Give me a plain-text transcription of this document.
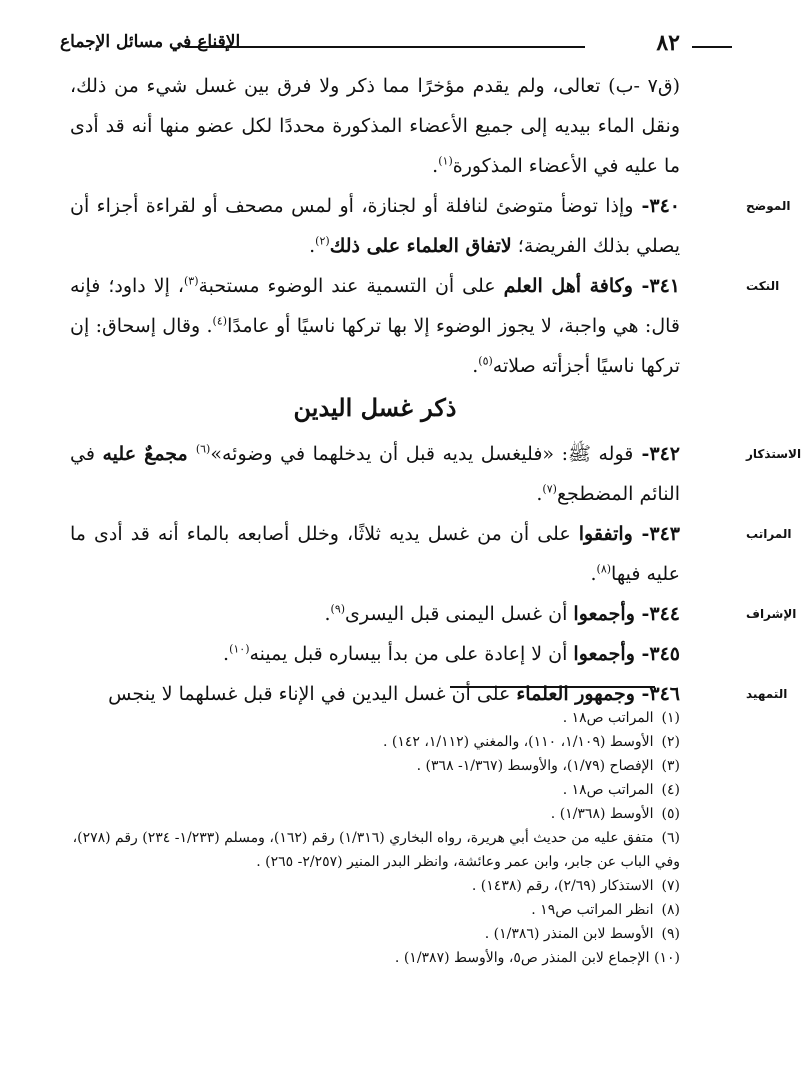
٨٢
الإقناع في مسائل الإجماع

(ق٧ -ب) تعالى، ولم يقدم مؤخرًا مما ذكر ولا فرق بين غسل شيء من ذلك، ونقل الماء بيديه إلى جميع الأعضاء المذكورة محددًا لكل عضو منها أنه قد أدى ما عليه في الأعضاء المذكورة$^{(١)}$.

الموضح
٣٤٠- وإذا توضأ متوضئ لنافلة أو لجنازة، أو لمس مصحف أو لقراءة أجزاء أن يصلي بذلك الفريضة؛ لاتفاق العلماء على ذلك$^{(٢)}$.

النكت
٣٤١- وكافة أهل العلم على أن التسمية عند الوضوء مستحبة$^{(٣)}$، إلا داود؛ فإنه قال: هي واجبة، لا يجوز الوضوء إلا بها تركها ناسيًا أو عامدًا$^{(٤)}$. وقال إسحاق: إن تركها ناسيًا أجزأته صلاته$^{(٥)}$.

ذكر غسل اليدين

الاستذكار
٣٤٢- قوله ﷺ: «فليغسل يديه قبل أن يدخلهما في وضوئه»$^{(٦)}$ مجمعٌ عليه في النائم المضطجع$^{(٧)}$.

المراتب
٣٤٣- واتفقوا على أن من غسل يديه ثلاثًا، وخلل أصابعه بالماء أنه قد أدى ما عليه فيها$^{(٨)}$.

الإشراف
٣٤٤- وأجمعوا أن غسل اليمنى قبل اليسرى$^{(٩)}$.

٣٤٥- وأجمعوا أن لا إعادة على من بدأ بيساره قبل يمينه$^{(١٠)}$.

التمهيد
٣٤٦- وجمهور العلماء على أن غسل اليدين في الإناء قبل غسلهما لا ينجس

(١) المراتب ص١٨ .

(٢) الأوسط (١/١٠٩، ١١٠)، والمغني (١/١١٢، ١٤٢) .

(٣) الإفصاح (١/٧٩)، والأوسط (١/٣٦٧- ٣٦٨) .

(٤) المراتب ص١٨ .

(٥) الأوسط (١/٣٦٨) .

(٦) متفق عليه من حديث أبي هريرة، رواه البخاري (١/٣١٦) رقم (١٦٢)، ومسلم (١/٢٣٣- ٢٣٤) رقم (٢٧٨)، وفي الباب عن جابر، وابن عمر وعائشة، وانظر البدر المنير (٢/٢٥٧- ٢٦٥) .

(٧) الاستذكار (٢/٦٩)، رقم (١٤٣٨) .

(٨) انظر المراتب ص١٩ .

(٩) الأوسط لابن المنذر (١/٣٨٦) .

(١٠) الإجماع لابن المنذر ص٥، والأوسط (١/٣٨٧) .
